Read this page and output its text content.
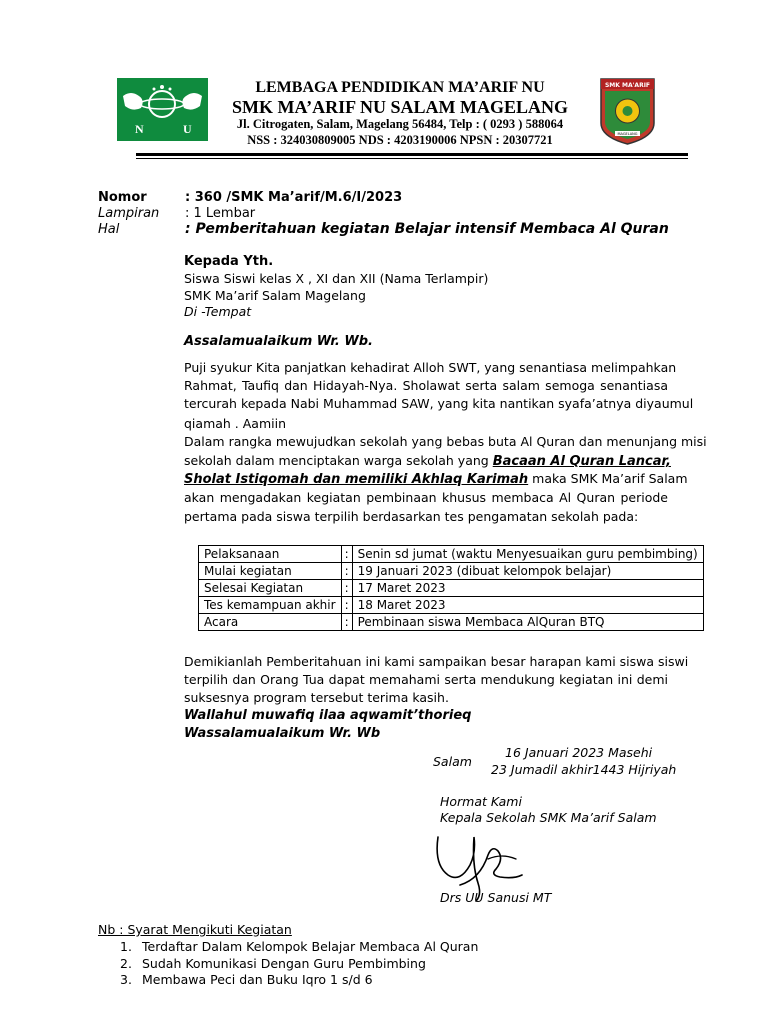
N	U
SMK MA'ARIF
MAGELANG
LEMBAGA PENDIDIKAN MA’ARIF NU
SMK MA’ARIF NU SALAM MAGELANG
Jl. Citrogaten, Salam, Magelang 56484, Telp : ( 0293 ) 588064
NSS : 324030809005 NDS : 4203190006 NPSN : 20307721
Nomor	: 360 /SMK Ma’arif/M.6/I/2023
Lampiran : 1 Lembar
Hal	: Pemberitahuan kegiatan Belajar intensif Membaca Al Quran
Kepada Yth.
Siswa Siswi kelas X , XI dan XII (Nama Terlampir)
SMK Ma’arif Salam Magelang
Di -Tempat
Assalamualaikum Wr. Wb.
Puji syukur Kita panjatkan kehadirat Alloh SWT, yang senantiasa melimpahkan
Rahmat, Taufiq dan Hidayah-Nya. Sholawat serta salam semoga senantiasa
tercurah kepada Nabi Muhammad SAW, yang kita nantikan syafa’atnya diyaumul
qiamah . Aamiin
Dalam rangka mewujudkan sekolah yang bebas buta Al Quran dan menunjang misi
sekolah dalam menciptakan warga sekolah yang Bacaan Al Quran Lancar,
Sholat Istiqomah dan memiliki Akhlaq Karimah maka SMK Ma’arif Salam
akan mengadakan kegiatan pembinaan khusus membaca Al Quran periode
pertama pada siswa terpilih berdasarkan tes pengamatan sekolah pada:
Pelaksanaan	:	Senin sd jumat (waktu Menyesuaikan guru pembimbing)
Mulai kegiatan	:	19 Januari 2023 (dibuat kelompok belajar)
Selesai Kegiatan	:	17 Maret 2023
Tes kemampuan akhir	:	18 Maret 2023
Acara	:	Pembinaan siswa Membaca AlQuran BTQ
Demikianlah Pemberitahuan ini kami sampaikan besar harapan kami siswa siswi
terpilih dan Orang Tua dapat memahami serta mendukung kegiatan ini demi
suksesnya program tersebut terima kasih.
Wallahul muwafiq ilaa aqwamit’thorieq
Wassalamualaikum Wr. Wb
Salam
16 Januari 2023 Masehi
23 Jumadil akhir1443 Hijriyah
Hormat Kami
Kepala Sekolah SMK Ma’arif Salam
Drs UU Sanusi MT
Nb : Syarat Mengikuti Kegiatan
1. Terdaftar Dalam Kelompok Belajar Membaca Al Quran
2. Sudah Komunikasi Dengan Guru Pembimbing
3. Membawa Peci dan Buku Iqro 1 s/d 6
